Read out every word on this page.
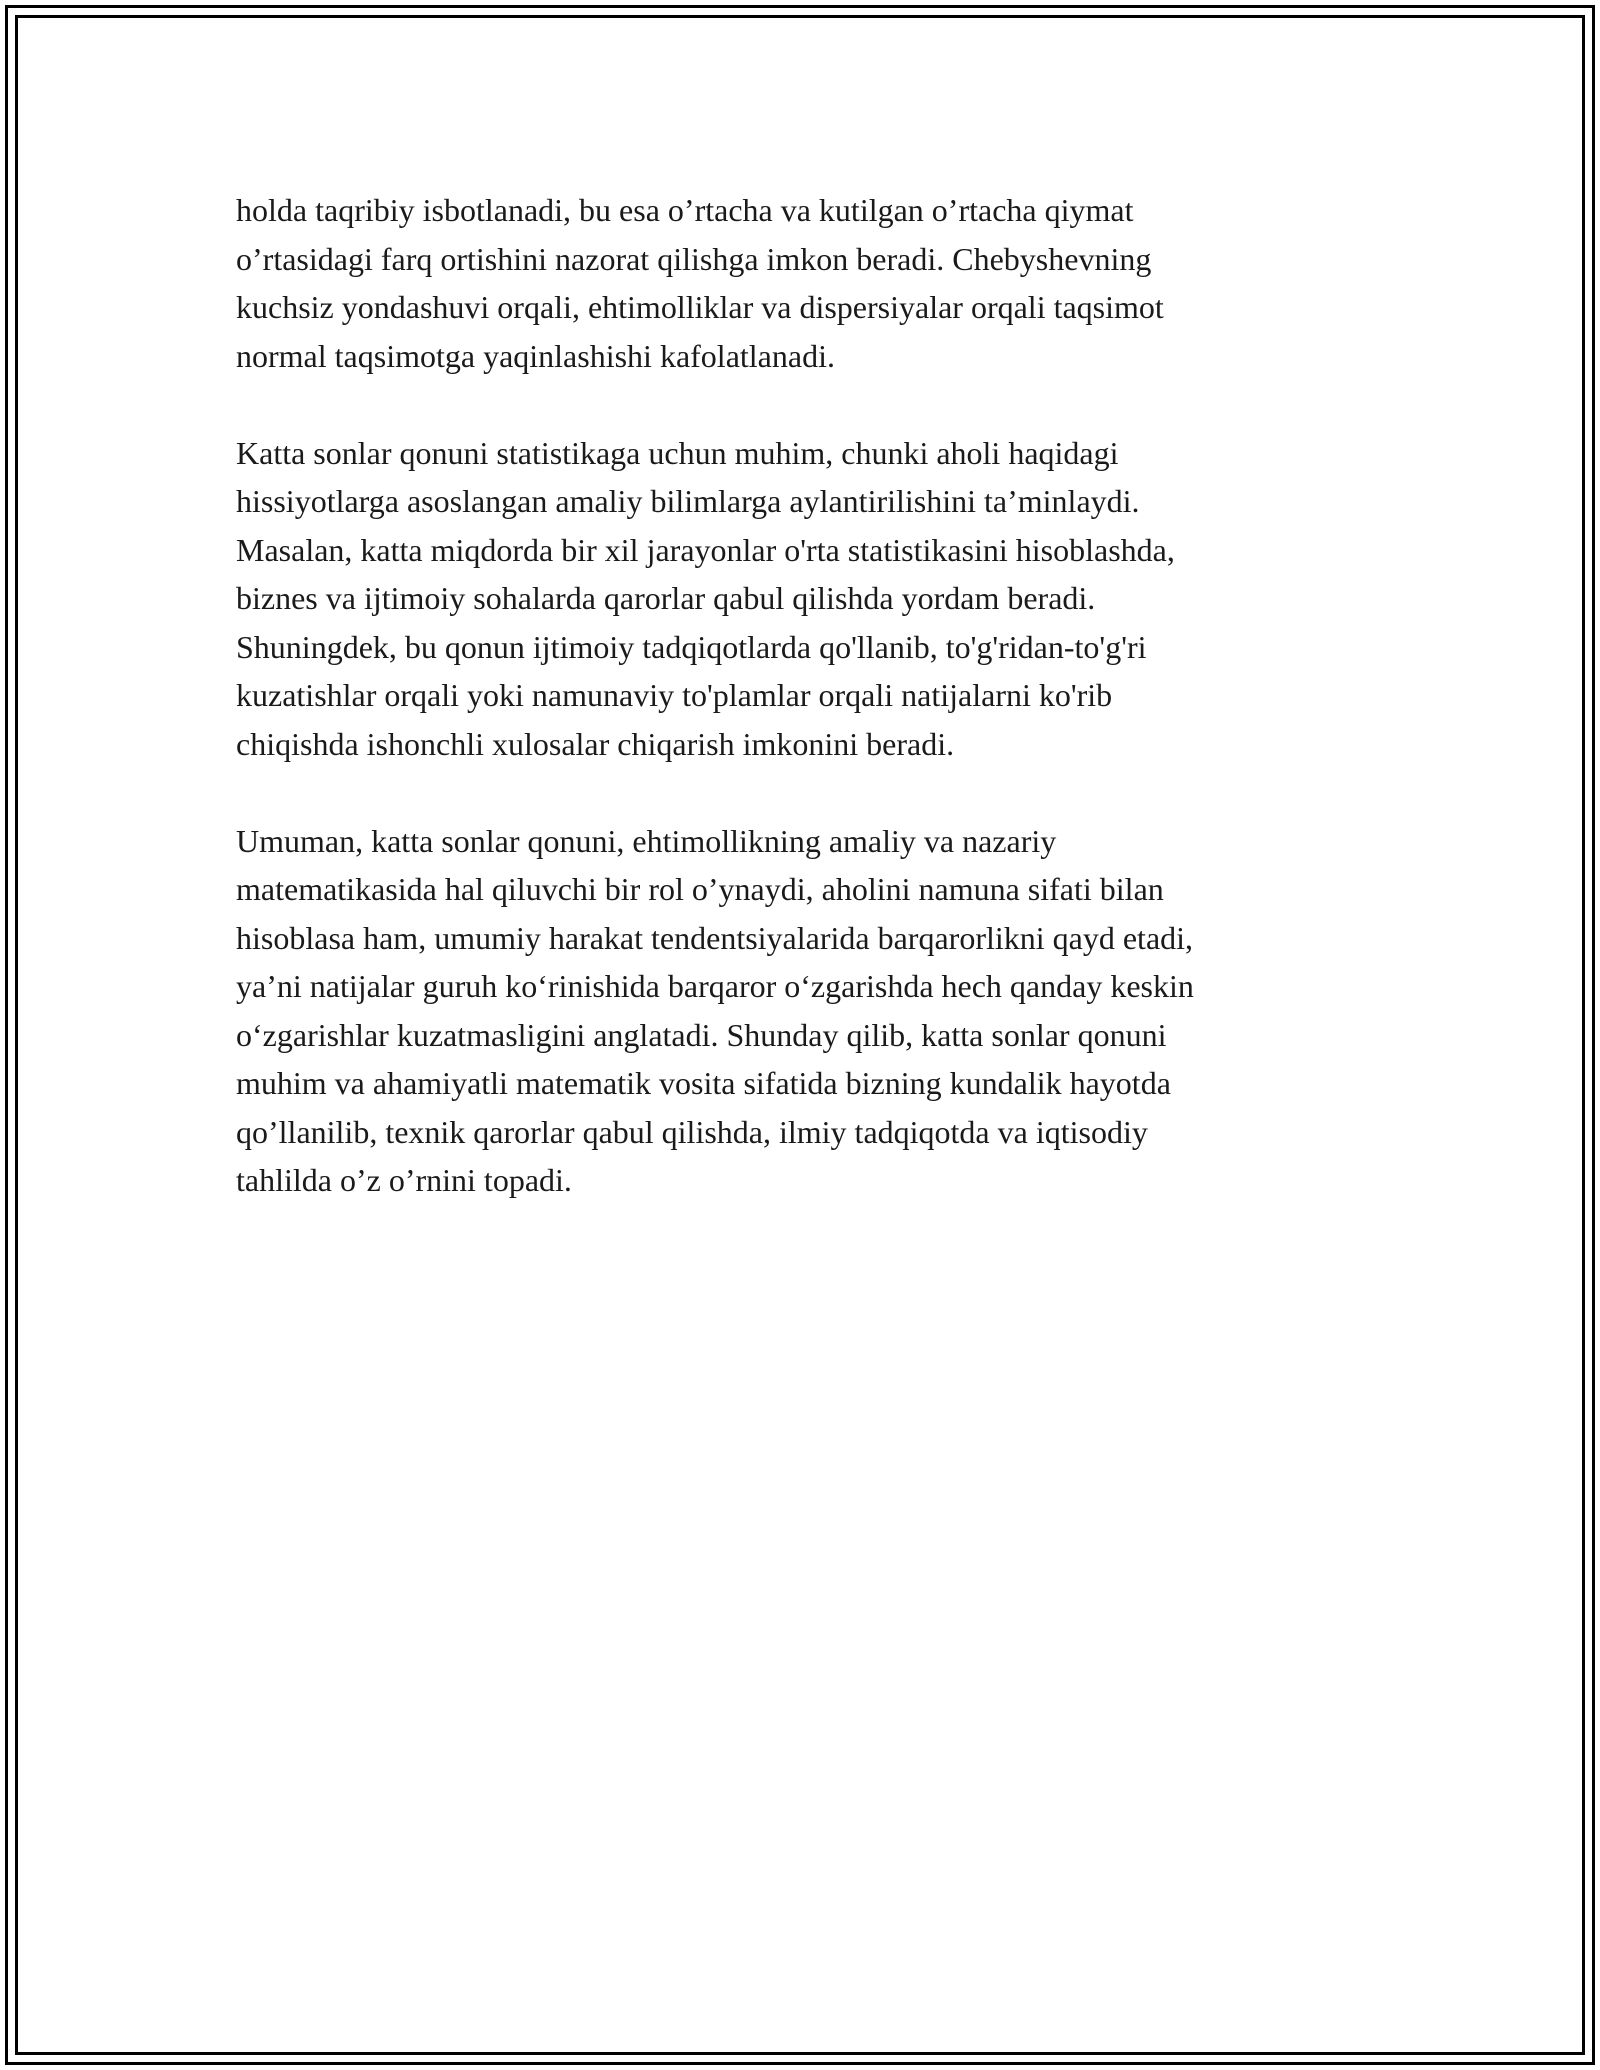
holda taqribiy isbotlanadi, bu esa o’rtacha va kutilgan o’rtacha qiymat
o’rtasidagi farq ortishini nazorat qilishga imkon beradi. Chebyshevning
kuchsiz yondashuvi orqali, ehtimolliklar va dispersiyalar orqali taqsimot
normal taqsimotga yaqinlashishi kafolatlanadi.

Katta sonlar qonuni statistikaga uchun muhim, chunki aholi haqidagi
hissiyotlarga asoslangan amaliy bilimlarga aylantirilishini ta’minlaydi.
Masalan, katta miqdorda bir xil jarayonlar o'rta statistikasini hisoblashda,
biznes va ijtimoiy sohalarda qarorlar qabul qilishda yordam beradi.
Shuningdek, bu qonun ijtimoiy tadqiqotlarda qo'llanib, to'g'ridan-to'g'ri
kuzatishlar orqali yoki namunaviy to'plamlar orqali natijalarni ko'rib
chiqishda ishonchli xulosalar chiqarish imkonini beradi.

Umuman, katta sonlar qonuni, ehtimollikning amaliy va nazariy
matematikasida hal qiluvchi bir rol o’ynaydi, aholini namuna sifati bilan
hisoblasa ham, umumiy harakat tendentsiyalarida barqarorlikni qayd etadi,
ya’ni natijalar guruh ko‘rinishida barqaror o‘zgarishda hech qanday keskin
o‘zgarishlar kuzatmasligini anglatadi. Shunday qilib, katta sonlar qonuni
muhim va ahamiyatli matematik vosita sifatida bizning kundalik hayotda
qo’llanilib, texnik qarorlar qabul qilishda, ilmiy tadqiqotda va iqtisodiy
tahlilda o’z o’rnini topadi.
